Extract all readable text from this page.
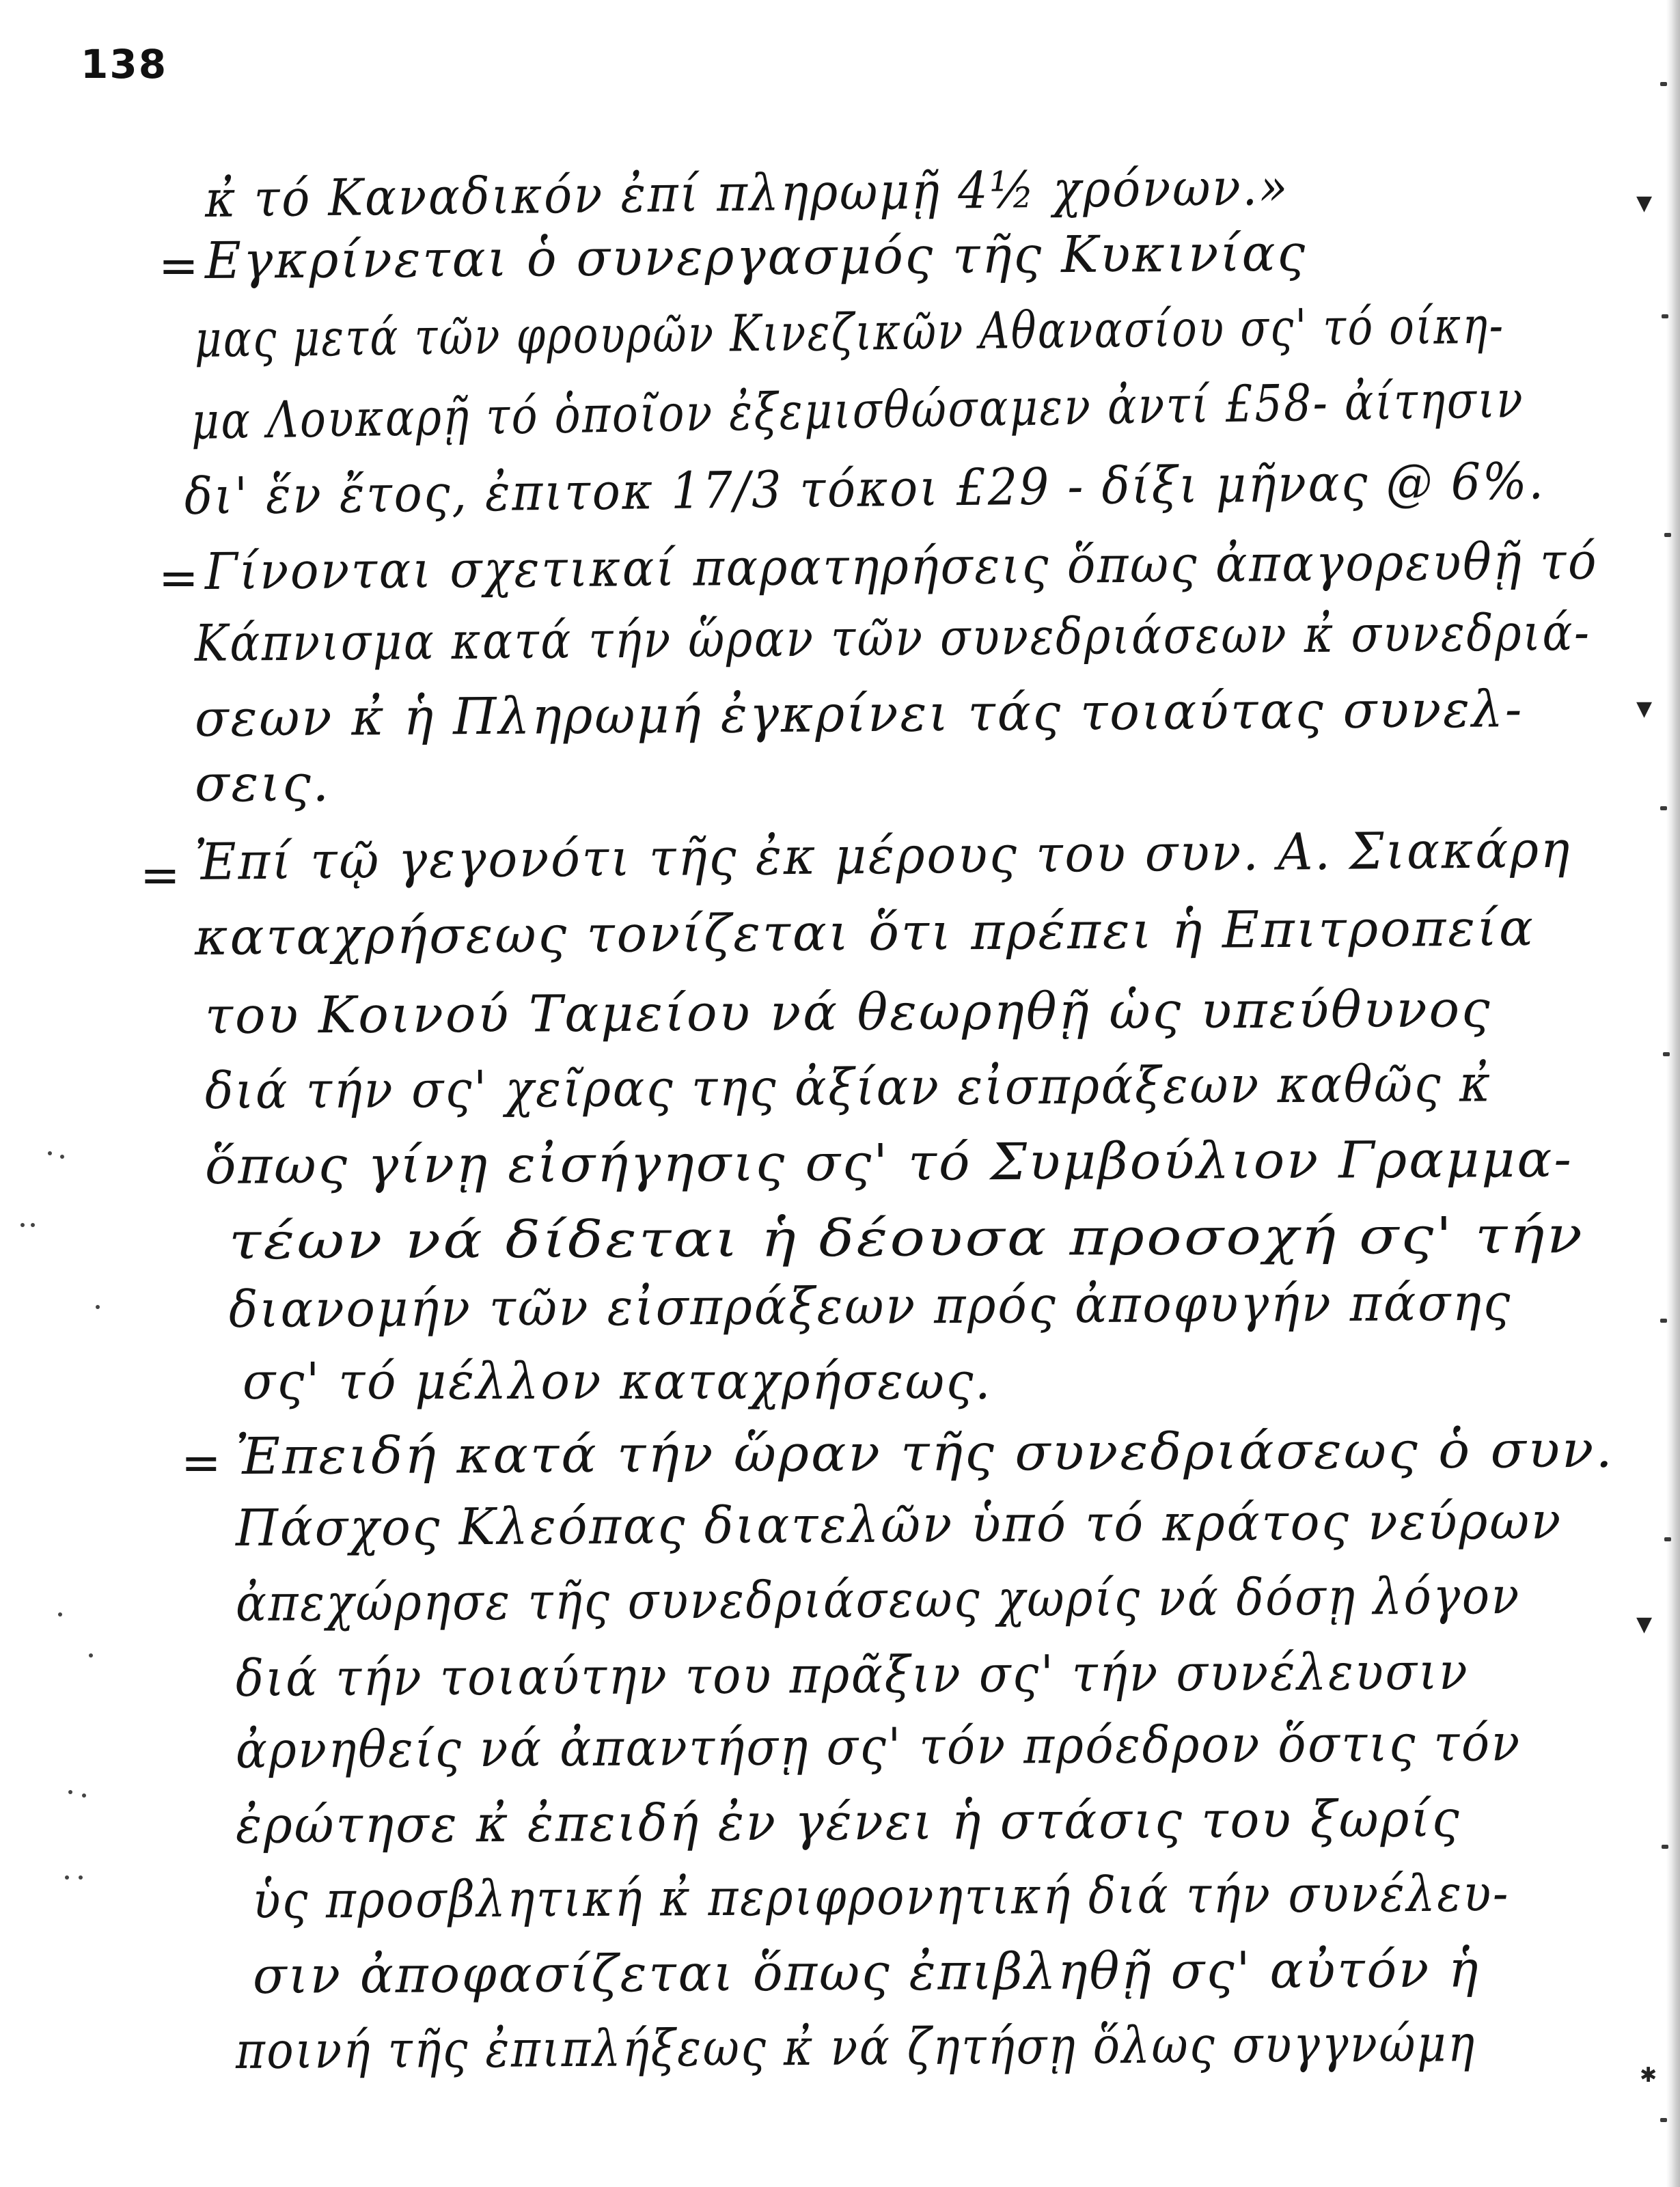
138
κ̓ τό Καναδικόν ἐπί πληρωμῇ 4½ χρόνων.»
= Εγκρίνεται ὁ συνεργασμός τῆς Κυκινίας
μας μετά τῶν φρουρῶν Κινεζικῶν Αθανασίου σς' τό οίκη-
μα Λουκαρῇ τό ὁποῖον ἐξεμισθώσαμεν ἀντί £58- ἀίτησιν
δι' ἕν ἔτος, ἐπιτοκ 17/3 τόκοι £29 - δίξι μῆνας @ 6%.
= Γίνονται σχετικαί παρατηρήσεις ὅπως ἀπαγορευθῇ τό
Κάπνισμα κατά τήν ὥραν τῶν συνεδριάσεων κ̓ συνεδριά-
σεων κ̓ ἡ Πληρωμή ἐγκρίνει τάς τοιαύτας συνελ-
σεις.
= Ἐπί τῷ γεγονότι τῆς ἐκ μέρους του συν. Α. Σιακάρη
καταχρήσεως τονίζεται ὅτι πρέπει ἡ Επιτροπεία
του Κοινού Ταμείου νά θεωρηθῇ ὡς υπεύθυνος
διά τήν σς' χεῖρας της ἀξίαν εἰσπράξεων καθῶς κ̓
ὅπως γίνῃ εἰσήγησις σς' τό Συμβούλιον Γραμμα-
τέων νά δίδεται ἡ δέουσα προσοχή σς' τήν
διανομήν τῶν εἰσπράξεων πρός ἀποφυγήν πάσης
σς' τό μέλλον καταχρήσεως.
= Ἐπειδή κατά τήν ὥραν τῆς συνεδριάσεως ὁ συν.
Πάσχος Κλεόπας διατελῶν ὑπό τό κράτος νεύρων
ἀπεχώρησε τῆς συνεδριάσεως χωρίς νά δόσῃ λόγον
διά τήν τοιαύτην του πρᾶξιν σς' τήν συνέλευσιν
ἀρνηθείς νά ἀπαντήσῃ σς' τόν πρόεδρον ὅστις τόν
ἐρώτησε κ̓ ἐπειδή ἐν γένει ἡ στάσις του ξωρίς
ὑς προσβλητική κ̓ περιφρονητική διά τήν συνέλευ-
σιν ἀποφασίζεται ὅπως ἐπιβληθῇ σς' αὐτόν ἡ
ποινή τῆς ἐπιπλήξεως κ̓ νά ζητήσῃ ὅλως συγγνώμη
▼
▼
▼
✱
